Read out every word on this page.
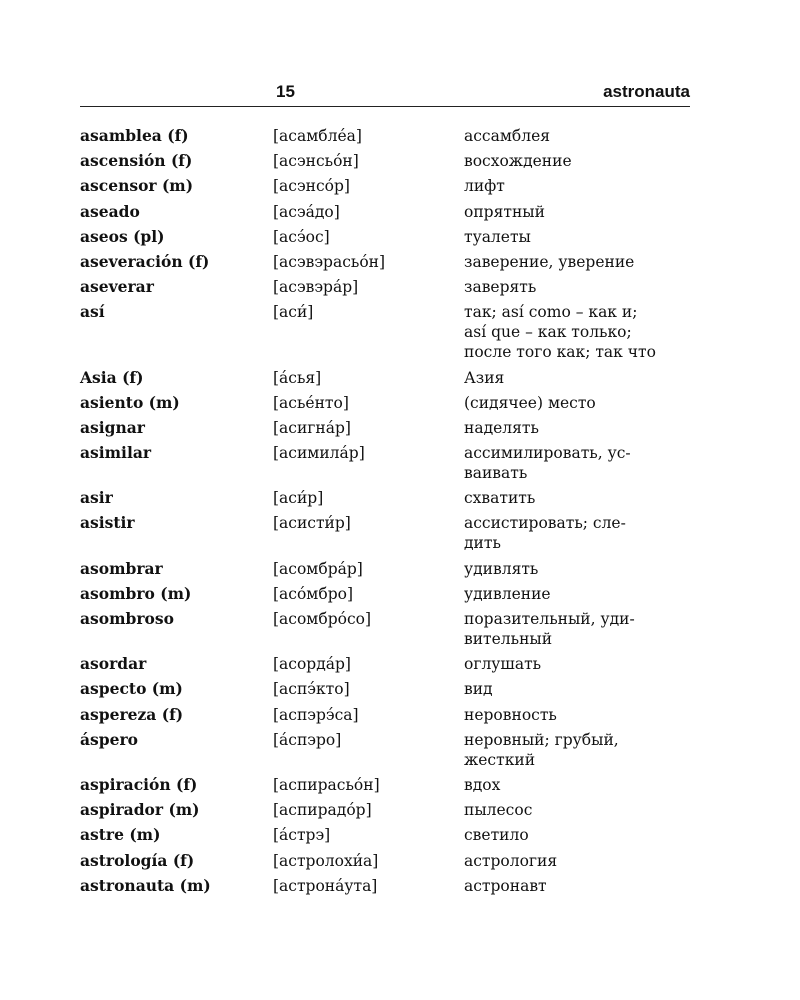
15	astronauta
asamblea (f)	[асамбле́а]	ассамблея
ascensión (f)	[асэнсьо́н]	восхождение
ascensor (m)	[асэнсо́р]	лифт
aseado	[асэа́до]	опрятный
aseos (pl)	[асэ́ос]	туалеты
aseveración (f)	[асэвэрасьо́н]	заверение, уверение
aseverar	[асэвэра́р]	заверять
así	[аси́]	так; así como – как и;
así que – как только;
после того как; так что
Asia (f)	[а́сья]	Азия
asiento (m)	[асье́нто]	(сидячее) место
asignar	[асигна́р]	наделять
asimilar	[асимила́р]	ассимилировать, ус-
ваивать
asir	[аси́р]	схватить
asistir	[асисти́р]	ассистировать; сле-
дить
asombrar	[асомбра́р]	удивлять
asombro (m)	[асо́мбро]	удивление
asombroso	[асомбро́со]	поразительный, уди-
вительный
asordar	[асорда́р]	оглушать
aspecto (m)	[аспэ́кто]	вид
aspereza (f)	[аспэрэ́са]	неровность
áspero	[а́спэро]	неровный; грубый,
жесткий
aspiración (f)	[аспирасьо́н]	вдох
aspirador (m)	[аспирадо́р]	пылесос
astre (m)	[а́стрэ]	светило
astrología (f)	[астролохи́а]	астрология
astronauta (m)	[астрона́ута]	астронавт
